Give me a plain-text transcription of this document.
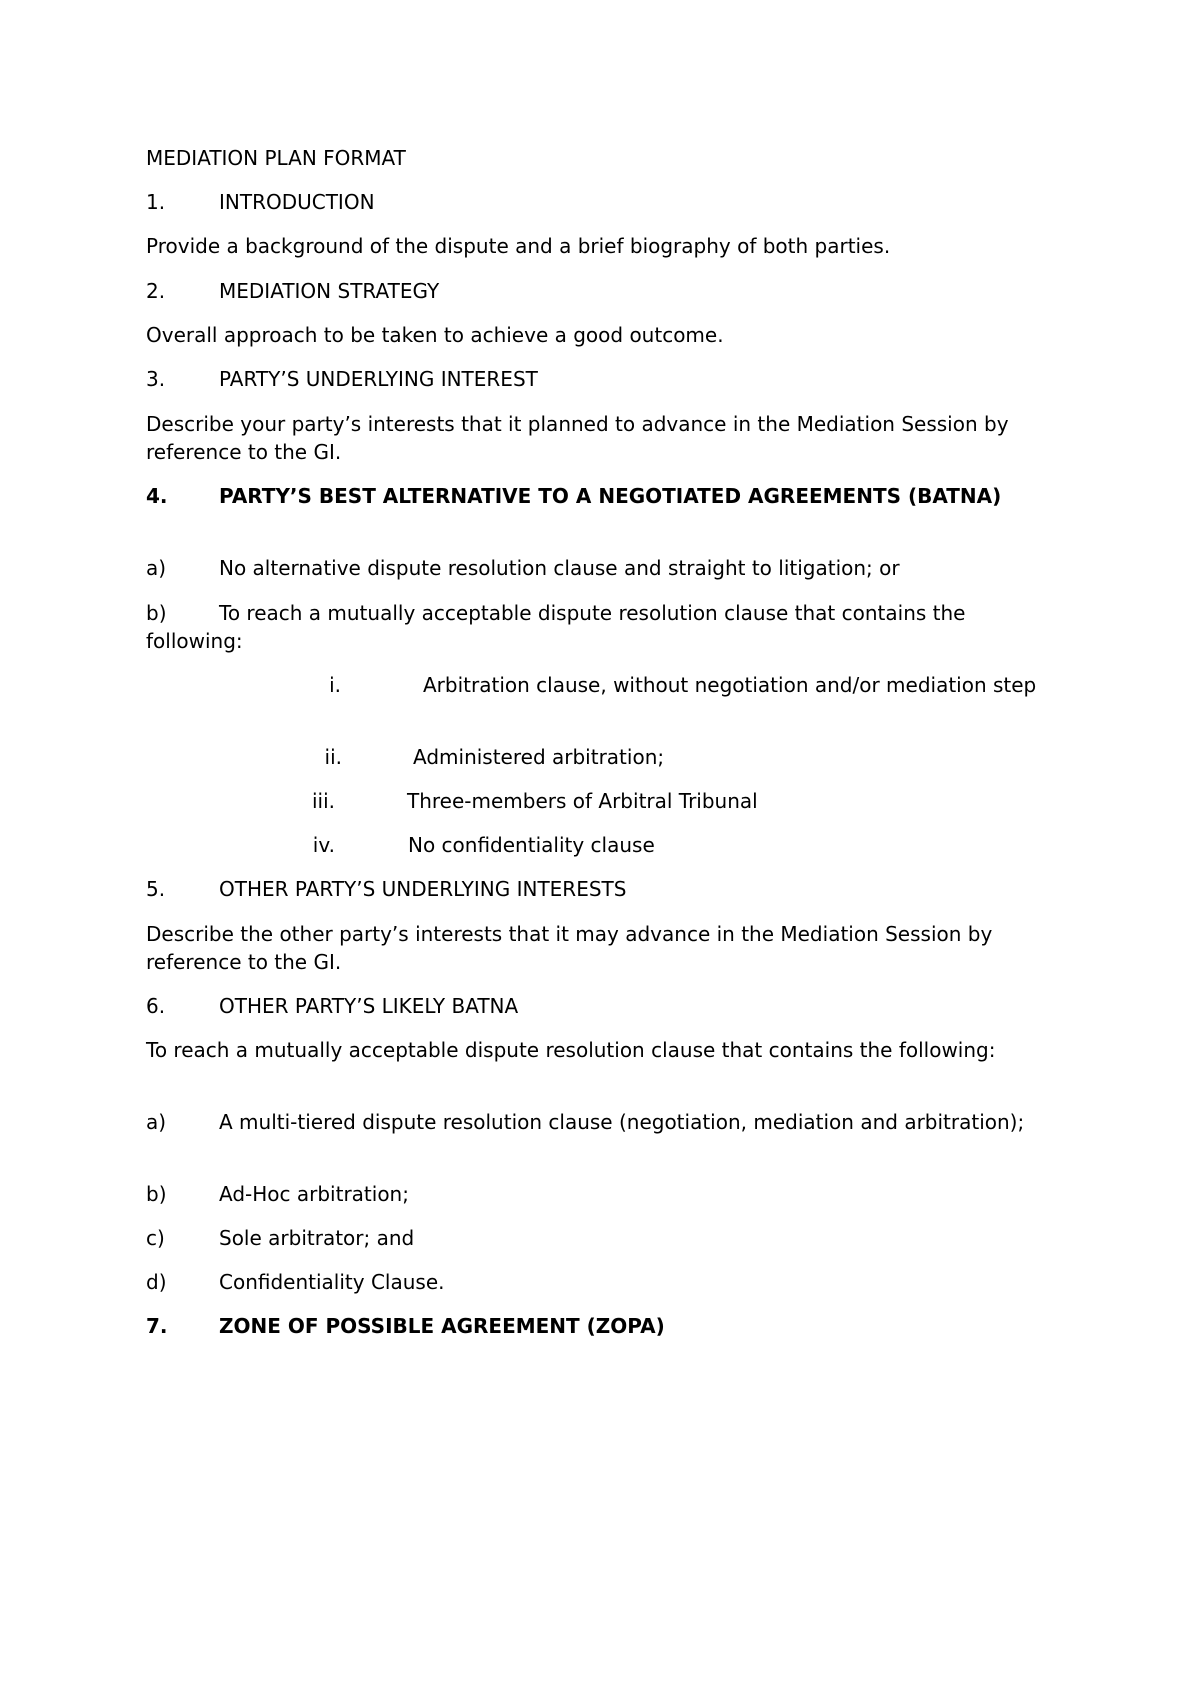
MEDIATION PLAN FORMAT

1.	INTRODUCTION

Provide a background of the dispute and a brief biography of both parties.

2.	MEDIATION STRATEGY

Overall approach to be taken to achieve a good outcome.

3.	PARTY’S UNDERLYING INTEREST

Describe your party’s interests that it planned to advance in the Mediation Session by reference to the GI.

4.	PARTY’S BEST ALTERNATIVE TO A NEGOTIATED AGREEMENTS (BATNA)

a)	No alternative dispute resolution clause and straight to litigation; or

b)	To reach a mutually acceptable dispute resolution clause that contains the following:

i.	Arbitration clause, without negotiation and/or mediation step

ii.	Administered arbitration;

iii.	Three-members of Arbitral Tribunal

iv.	No confidentiality clause

5.	OTHER PARTY’S UNDERLYING INTERESTS

Describe the other party’s interests that it may advance in the Mediation Session by reference to the GI.

6.	OTHER PARTY’S LIKELY BATNA

To reach a mutually acceptable dispute resolution clause that contains the following:

a)	A multi-tiered dispute resolution clause (negotiation, mediation and arbitration);

b)	Ad-Hoc arbitration;

c)	Sole arbitrator; and

d)	Confidentiality Clause.

7.	ZONE OF POSSIBLE AGREEMENT (ZOPA)
